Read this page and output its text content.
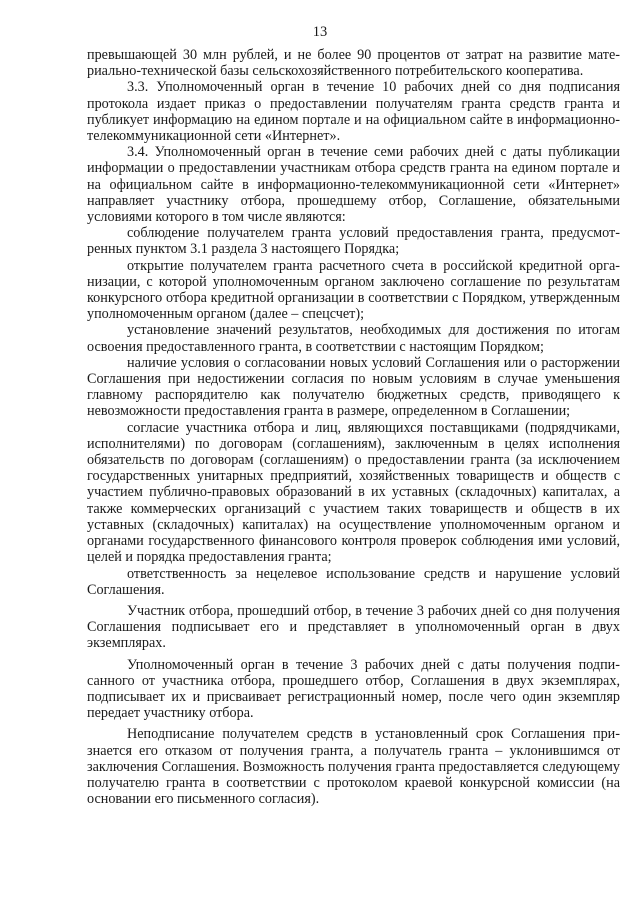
13

превышающей 30 млн рублей, и не более 90 процентов от затрат на развитие материально-технической базы сельскохозяйственного потребительского кооператива.

3.3. Уполномоченный орган в течение 10 рабочих дней со дня подписания протокола издает приказ о предоставлении получателям гранта средств гранта и публикует информацию на едином портале и на официальном сайте в информационно-телекоммуникационной сети «Интернет».

3.4. Уполномоченный орган в течение семи рабочих дней с даты публикации информации о предоставлении участникам отбора средств гранта на едином портале и на официальном сайте в информационно-телекоммуникационной сети «Интернет» направляет участнику отбора, прошедшему отбор, Соглашение, обязательными условиями которого в том числе являются:

соблюдение получателем гранта условий предоставления гранта, предусмотренных пунктом 3.1 раздела 3 настоящего Порядка;

открытие получателем гранта расчетного счета в российской кредитной организации, с которой уполномоченным органом заключено соглашение по результатам конкурсного отбора кредитной организации в соответствии с Порядком, утвержденным уполномоченным органом (далее – спецсчет);

установление значений результатов, необходимых для достижения по итогам освоения предоставленного гранта, в соответствии с настоящим Порядком;

наличие условия о согласовании новых условий Соглашения или о расторжении Соглашения при недостижении согласия по новым условиям в случае уменьшения главному распорядителю как получателю бюджетных средств, приводящего к невозможности предоставления гранта в размере, определенном в Соглашении;

согласие участника отбора и лиц, являющихся поставщиками (подрядчиками, исполнителями) по договорам (соглашениям), заключенным в целях исполнения обязательств по договорам (соглашениям) о предоставлении гранта (за исключением государственных унитарных предприятий, хозяйственных товариществ и обществ с участием публично-правовых образований в их уставных (складочных) капиталах, а также коммерческих организаций с участием таких товариществ и обществ в их уставных (складочных) капиталах) на осуществление уполномоченным органом и органами государственного финансового контроля проверок соблюдения ими условий, целей и порядка предоставления гранта;

ответственность за нецелевое использование средств и нарушение условий Соглашения.

Участник отбора, прошедший отбор, в течение 3 рабочих дней со дня получения Соглашения подписывает его и представляет в уполномоченный орган в двух экземплярах.

Уполномоченный орган в течение 3 рабочих дней с даты получения подписанного от участника отбора, прошедшего отбор, Соглашения в двух экземплярах, подписывает их и присваивает регистрационный номер, после чего один экземпляр передает участнику отбора.

Неподписание получателем средств в установленный срок Соглашения признается его отказом от получения гранта, а получатель гранта – уклонившимся от заключения Соглашения. Возможность получения гранта предоставляется следующему получателю гранта в соответствии с протоколом краевой конкурсной комиссии (на основании его письменного согласия).
